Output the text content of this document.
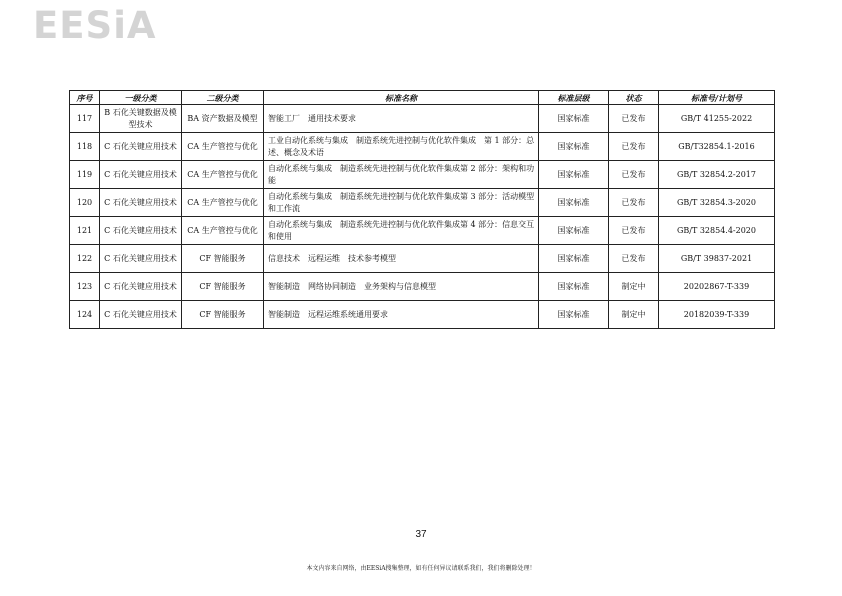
EESiA
序号	一级分类	二级分类	标准名称	标准层级	状态	标准号/计划号
117	B 石化关键数据及模型技术	BA 资产数据及模型	智能工厂　通用技术要求	国家标准	已发布	GB/T 41255-2022
118	C 石化关键应用技术	CA 生产管控与优化	工业自动化系统与集成　制造系统先进控制与优化软件集成　第 1 部分：总述、概念及术语	国家标准	已发布	GB/T32854.1-2016
119	C 石化关键应用技术	CA 生产管控与优化	自动化系统与集成　制造系统先进控制与优化软件集成第 2 部分：架构和功能	国家标准	已发布	GB/T 32854.2-2017
120	C 石化关键应用技术	CA 生产管控与优化	自动化系统与集成　制造系统先进控制与优化软件集成第 3 部分：活动模型和工作流	国家标准	已发布	GB/T 32854.3-2020
121	C 石化关键应用技术	CA 生产管控与优化	自动化系统与集成　制造系统先进控制与优化软件集成第 4 部分：信息交互和使用	国家标准	已发布	GB/T 32854.4-2020
122	C 石化关键应用技术	CF 智能服务	信息技术　远程运维　技术参考模型	国家标准	已发布	GB/T 39837-2021
123	C 石化关键应用技术	CF 智能服务	智能制造　网络协同制造　业务架构与信息模型	国家标准	制定中	20202867-T-339
124	C 石化关键应用技术	CF 智能服务	智能制造　远程运维系统通用要求	国家标准	制定中	20182039-T-339
37
本文内容来自网络，由EESiA搜集整理，如有任何异议请联系我们，我们将删除处理！
